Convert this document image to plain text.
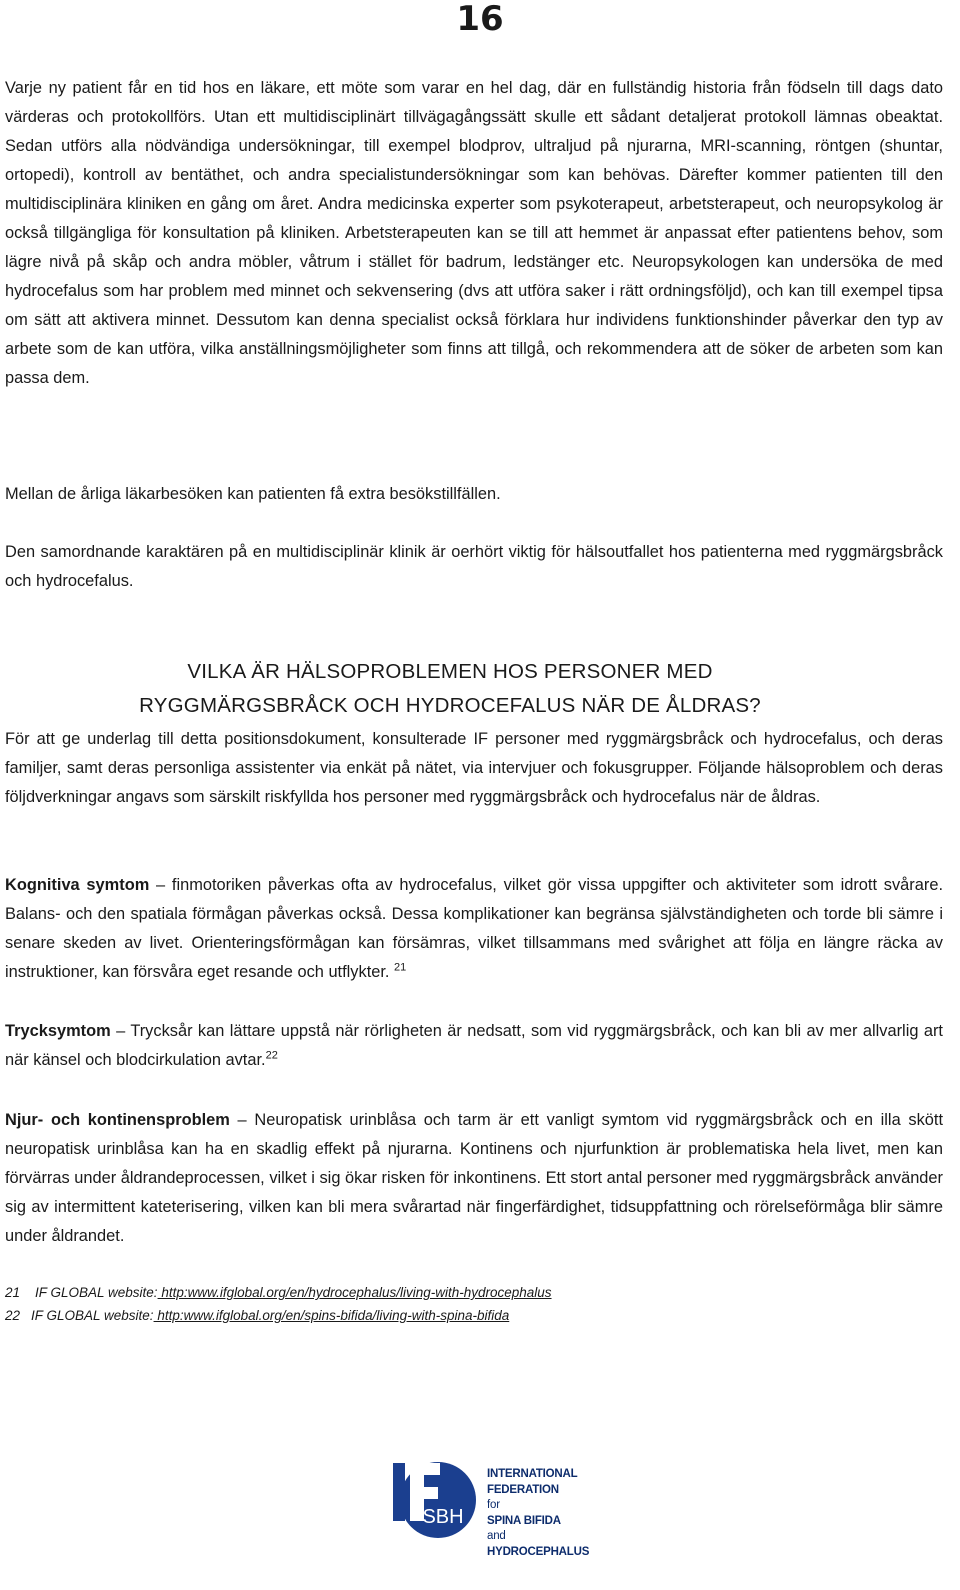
16

Varje ny patient får en tid hos en läkare, ett möte som varar en hel dag, där en fullständig historia från födseln till dags dato värderas och protokollförs. Utan ett multidisciplinärt tillvägagångssätt skulle ett sådant detaljerat protokoll lämnas obeaktat. Sedan utförs alla nödvändiga undersökningar, till exempel blodprov, ultraljud på njurarna, MRI-scanning, röntgen (shuntar, ortopedi), kontroll av bentäthet, och andra specialistundersökningar som kan behövas. Därefter kommer patienten till den multidisciplinära kliniken en gång om året. Andra medicinska experter som psykoterapeut, arbetsterapeut, och neuropsykolog är också tillgängliga för konsultation på kliniken. Arbetsterapeuten kan se till att hemmet är anpassat efter patientens behov, som lägre nivå på skåp och andra möbler, våtrum i stället för badrum, ledstänger etc. Neuropsykologen kan undersöka de med hydrocefalus som har problem med minnet och sekvensering (dvs att utföra saker i rätt ordningsföljd), och kan till exempel tipsa om sätt att aktivera minnet. Dessutom kan denna specialist också förklara hur individens funktionshinder påverkar den typ av arbete som de kan utföra, vilka anställningsmöjligheter som finns att tillgå, och rekommendera att de söker de arbeten som kan passa dem.

Mellan de årliga läkarbesöken kan patienten få extra besökstillfällen.

Den samordnande karaktären på en multidisciplinär klinik är oerhört viktig för hälsoutfallet hos patienterna med ryggmärgsbråck och hydrocefalus.

VILKA ÄR HÄLSOPROBLEMEN HOS PERSONER MED
RYGGMÄRGSBRÅCK OCH HYDROCEFALUS NÄR DE ÅLDRAS?

För att ge underlag till detta positionsdokument, konsulterade IF personer med ryggmärgsbråck och hydrocefalus, och deras familjer, samt deras personliga assistenter via enkät på nätet, via intervjuer och fokusgrupper. Följande hälsoproblem och deras följdverkningar angavs som särskilt riskfyllda hos personer med ryggmärgsbråck och hydrocefalus när de åldras.

Kognitiva symtom – finmotoriken påverkas ofta av hydrocefalus, vilket gör vissa uppgifter och aktiviteter som idrott svårare. Balans- och den spatiala förmågan påverkas också. Dessa komplikationer kan begränsa självständigheten och torde bli sämre i senare skeden av livet. Orienteringsförmågan kan försämras, vilket tillsammans med svårighet att följa en längre räcka av instruktioner, kan försvåra eget resande och utflykter. $^{21}$

Trycksymtom – Trycksår kan lättare uppstå när rörligheten är nedsatt, som vid ryggmärgsbråck, och kan bli av mer allvarlig art när känsel och blodcirkulation avtar.$^{22}$

Njur- och kontinensproblem – Neuropatisk urinblåsa och tarm är ett vanligt symtom vid ryggmärgsbråck och en illa skött neuropatisk urinblåsa kan ha en skadlig effekt på njurarna. Kontinens och njurfunktion är problematiska hela livet, men kan förvärras under åldrandeprocessen, vilket i sig ökar risken för inkontinens. Ett stort antal personer med ryggmärgsbråck använder sig av intermittent kateterisering, vilken kan bli mera svårartad när fingerfärdighet, tidsuppfattning och rörelseförmåga blir sämre under åldrandet.

21 IF GLOBAL website: http:www.ifglobal.org/en/hydrocephalus/living-with-hydrocephalus

22 IF GLOBAL website: http:www.ifglobal.org/en/spins-bifida/living-with-spina-bifida

SBH
INTERNATIONAL
FEDERATION
for
SPINA BIFIDA
and
HYDROCEPHALUS
